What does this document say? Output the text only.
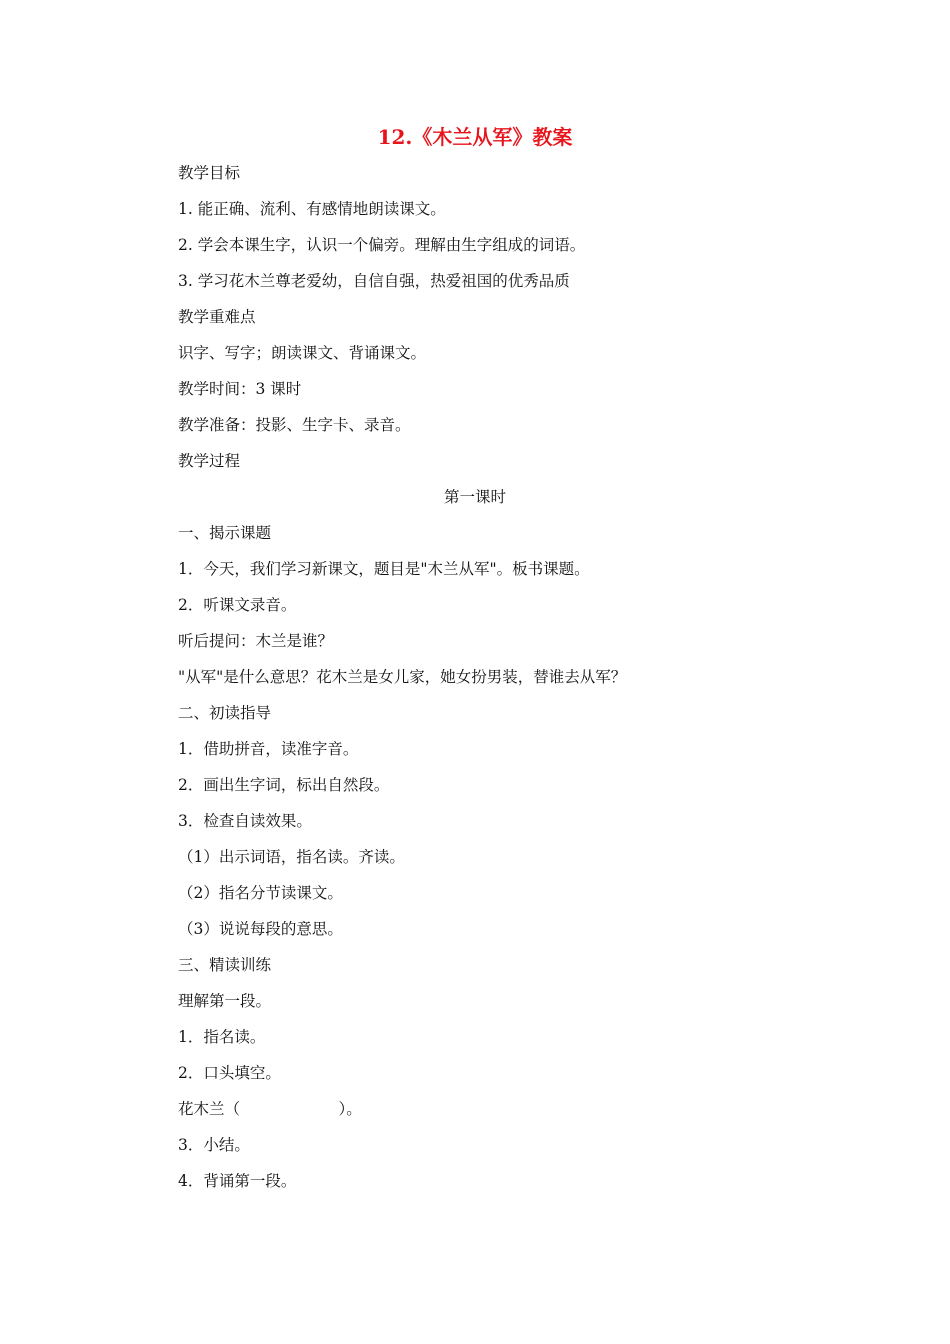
12.《木兰从军》教案

教学目标

1. 能正确、流利、有感情地朗读课文。

2. 学会本课生字，认识一个偏旁。理解由生字组成的词语。

3. 学习花木兰尊老爱幼，自信自强，热爱祖国的优秀品质

教学重难点

识字、写字；朗读课文、背诵课文。

教学时间：3 课时

教学准备：投影、生字卡、录音。

教学过程

第一课时

一、揭示课题

1．今天，我们学习新课文，题目是"木兰从军"。板书课题。

2．听课文录音。

听后提问：木兰是谁？

"从军"是什么意思？花木兰是女儿家，她女扮男装，替谁去从军？

二、初读指导

1．借助拼音，读准字音。

2．画出生字词，标出自然段。

3．检查自读效果。

（1）出示词语，指名读。齐读。

（2）指名分节读课文。

（3）说说每段的意思。

三、精读训练

理解第一段。

1．指名读。

2．口头填空。

花木兰（                    ）。

3．小结。

4．背诵第一段。
